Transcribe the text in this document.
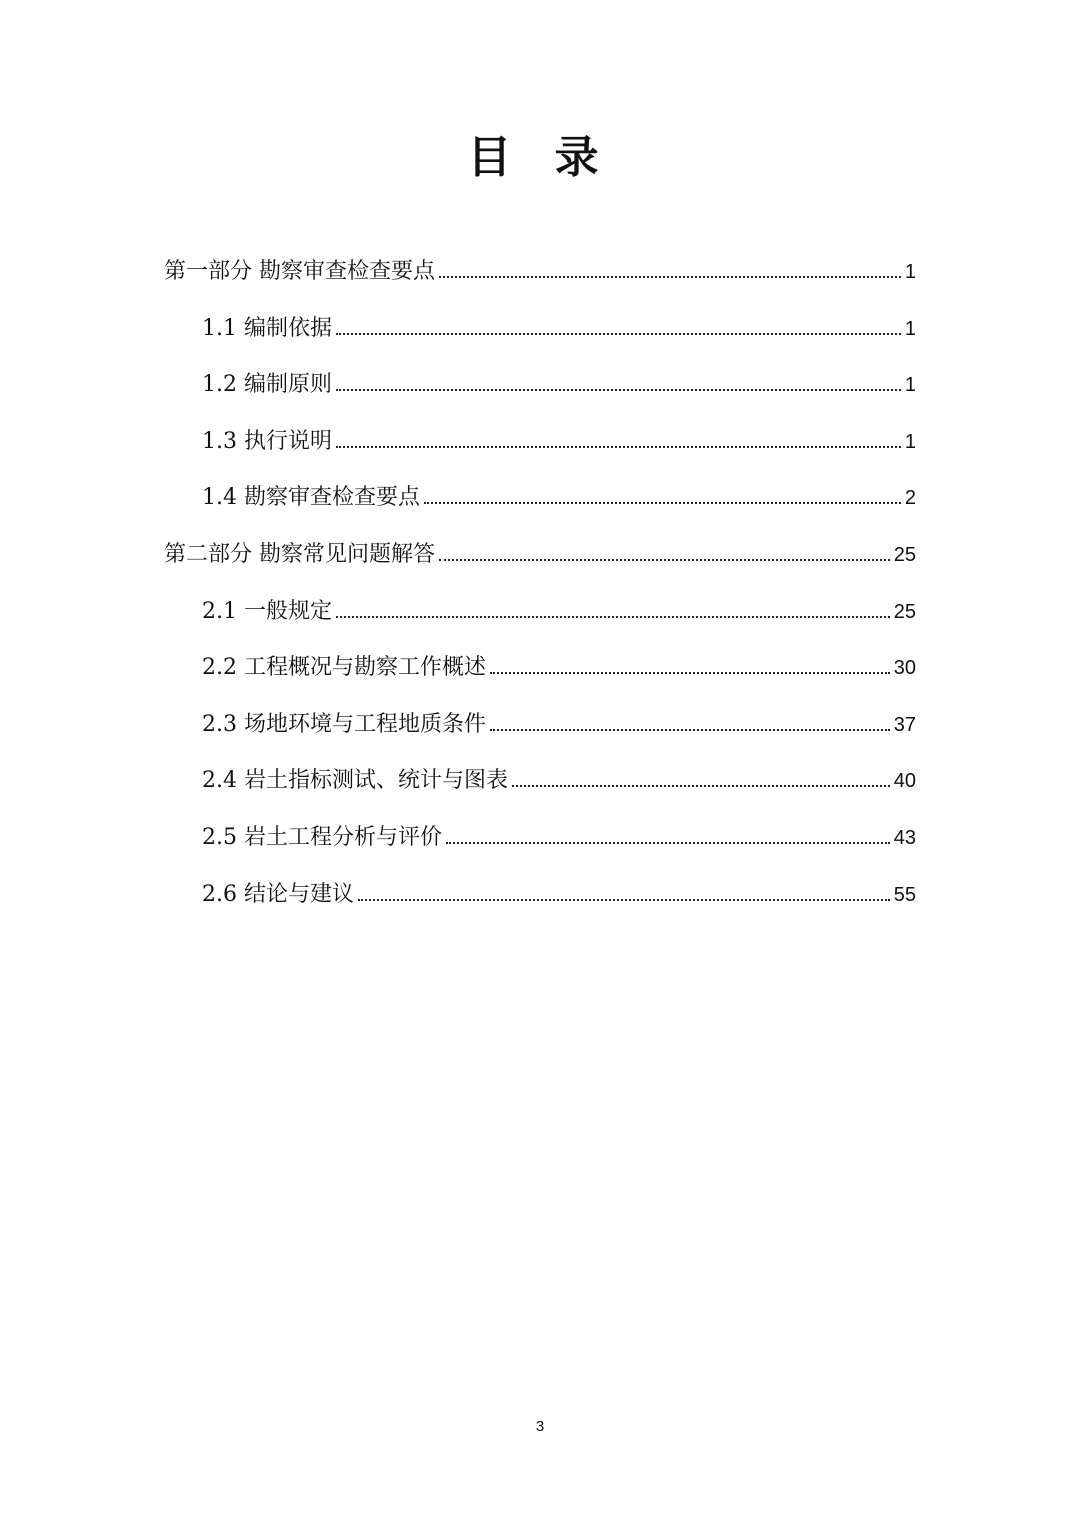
目 录
第一部分 勘察审查检查要点	1
1.1 编制依据	1
1.2 编制原则	1
1.3 执行说明	1
1.4 勘察审查检查要点	2
第二部分 勘察常见问题解答	25
2.1 一般规定	25
2.2 工程概况与勘察工作概述	30
2.3 场地环境与工程地质条件	37
2.4 岩土指标测试、统计与图表	40
2.5 岩土工程分析与评价	43
2.6 结论与建议	55
3
